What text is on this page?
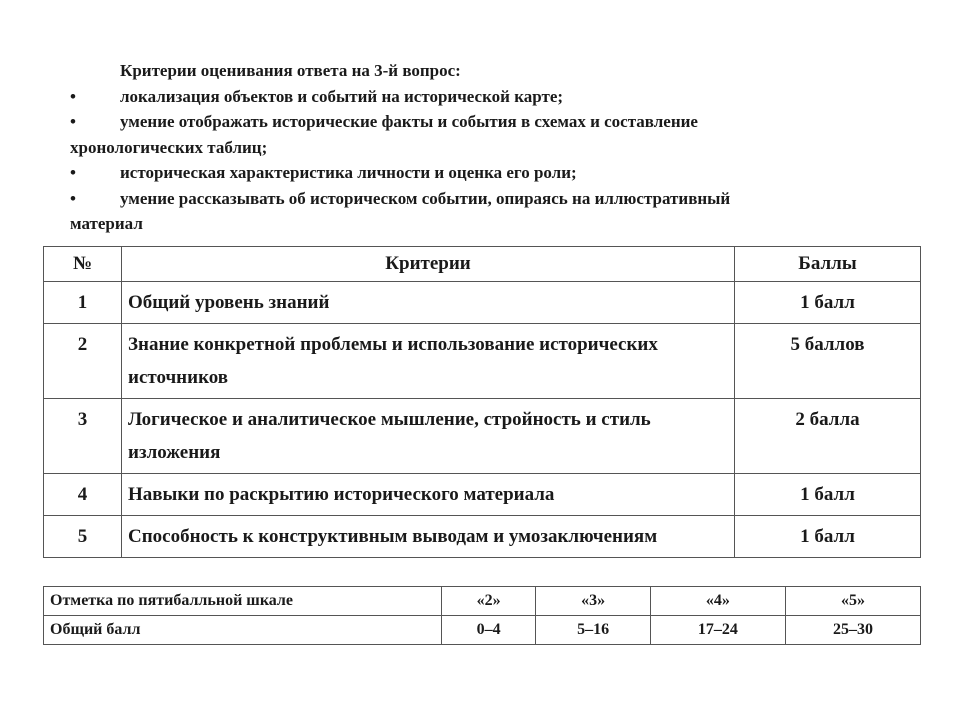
Критерии оценивания ответа на 3-й вопрос:
•	локализация объектов и событий на исторической карте;
•	умение отображать исторические факты и события в схемах и составление
хронологических таблиц;
•	историческая характеристика личности и оценка его роли;
•	умение рассказывать об историческом событии, опираясь на иллюстративный
материал
№	Критерии	Баллы
1	Общий уровень знаний	1 балл
2	Знание конкретной проблемы и использование исторических источников	5 баллов
3	Логическое и аналитическое мышление, стройность и стиль изложения	2 балла
4	Навыки по раскрытию исторического материала	1 балл
5	Способность к конструктивным выводам и умозаключениям	1 балл
Отметка по пятибалльной шкале	«2»	«3»	«4»	«5»
Общий балл	0–4	5–16	17–24	25–30
